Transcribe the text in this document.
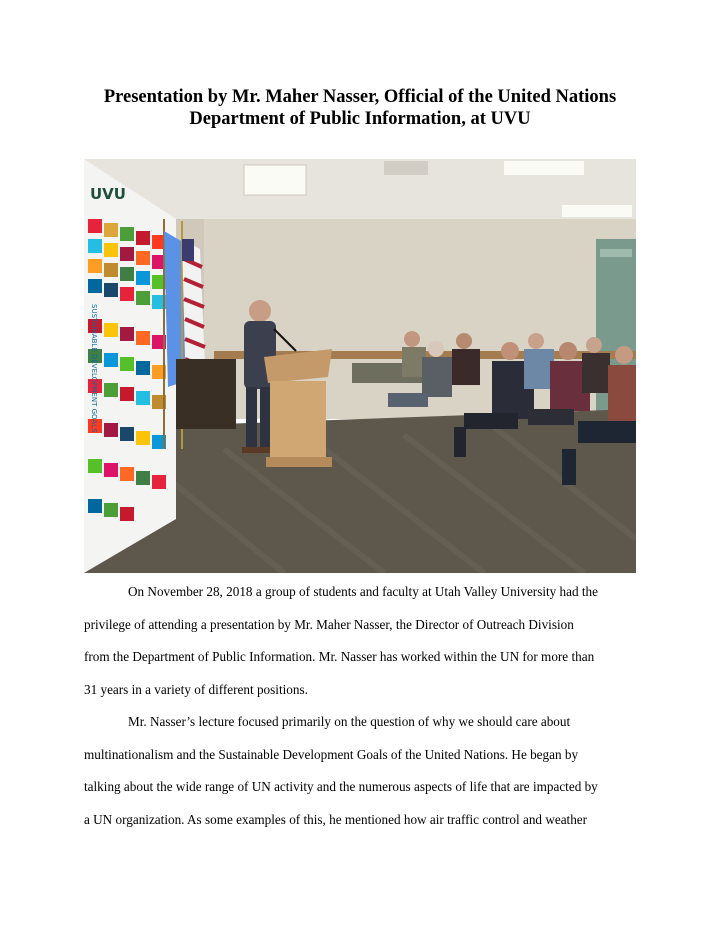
Presentation by Mr. Maher Nasser, Official of the United Nations
Department of Public Information, at UVU
UVU
SUSTAINABLE DEVELOPMENT GOALS
On November 28, 2018 a group of students and faculty at Utah Valley University had the
privilege of attending a presentation by Mr. Maher Nasser, the Director of Outreach Division
from the Department of Public Information. Mr. Nasser has worked within the UN for more than
31 years in a variety of different positions.
Mr. Nasser’s lecture focused primarily on the question of why we should care about
multinationalism and the Sustainable Development Goals of the United Nations. He began by
talking about the wide range of UN activity and the numerous aspects of life that are impacted by
a UN organization. As some examples of this, he mentioned how air traffic control and weather
